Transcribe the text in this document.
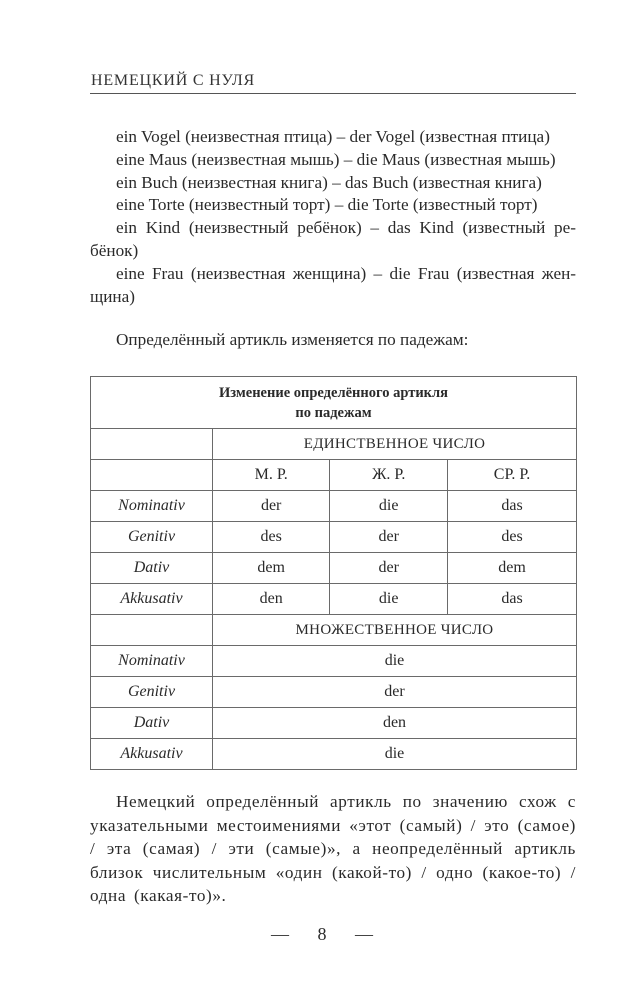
НЕМЕЦКИЙ С НУЛЯ
ein Vogel (неизвестная птица) – der Vogel (известная птица)
eine Maus (неизвестная мышь) – die Maus (известная мышь)
ein Buch (неизвестная книга) – das Buch (известная книга)
eine Torte (неизвестный торт) – die Torte (известный торт)
ein Kind (неизвестный ребёнок) – das Kind (известный ре-бёнок)
eine Frau (неизвестная женщина) – die Frau (известная жен-щина)
Определённый артикль изменяется по падежам:
Изменение определённого артикля
по падежам			

	ЕДИНСТВЕННОЕ ЧИСЛО		
	М. Р.	Ж. Р.	СР. Р.
Nominativ	der	die	das
Genitiv	des	der	des
Dativ	dem	der	dem
Akkusativ	den	die	das
	МНОЖЕСТВЕННОЕ ЧИСЛО		
Nominativ	die		
Genitiv	der		
Dativ	den		
Akkusativ	die		
Немецкий определённый артикль по значению схож с указательными местоимениями «этот (самый) / это (самое) / эта (самая) / эти (самые)», а неопределённый артикль близок числительным «один (какой-то) / одно (какое-то) / одна (какая-то)».
— 8 —
